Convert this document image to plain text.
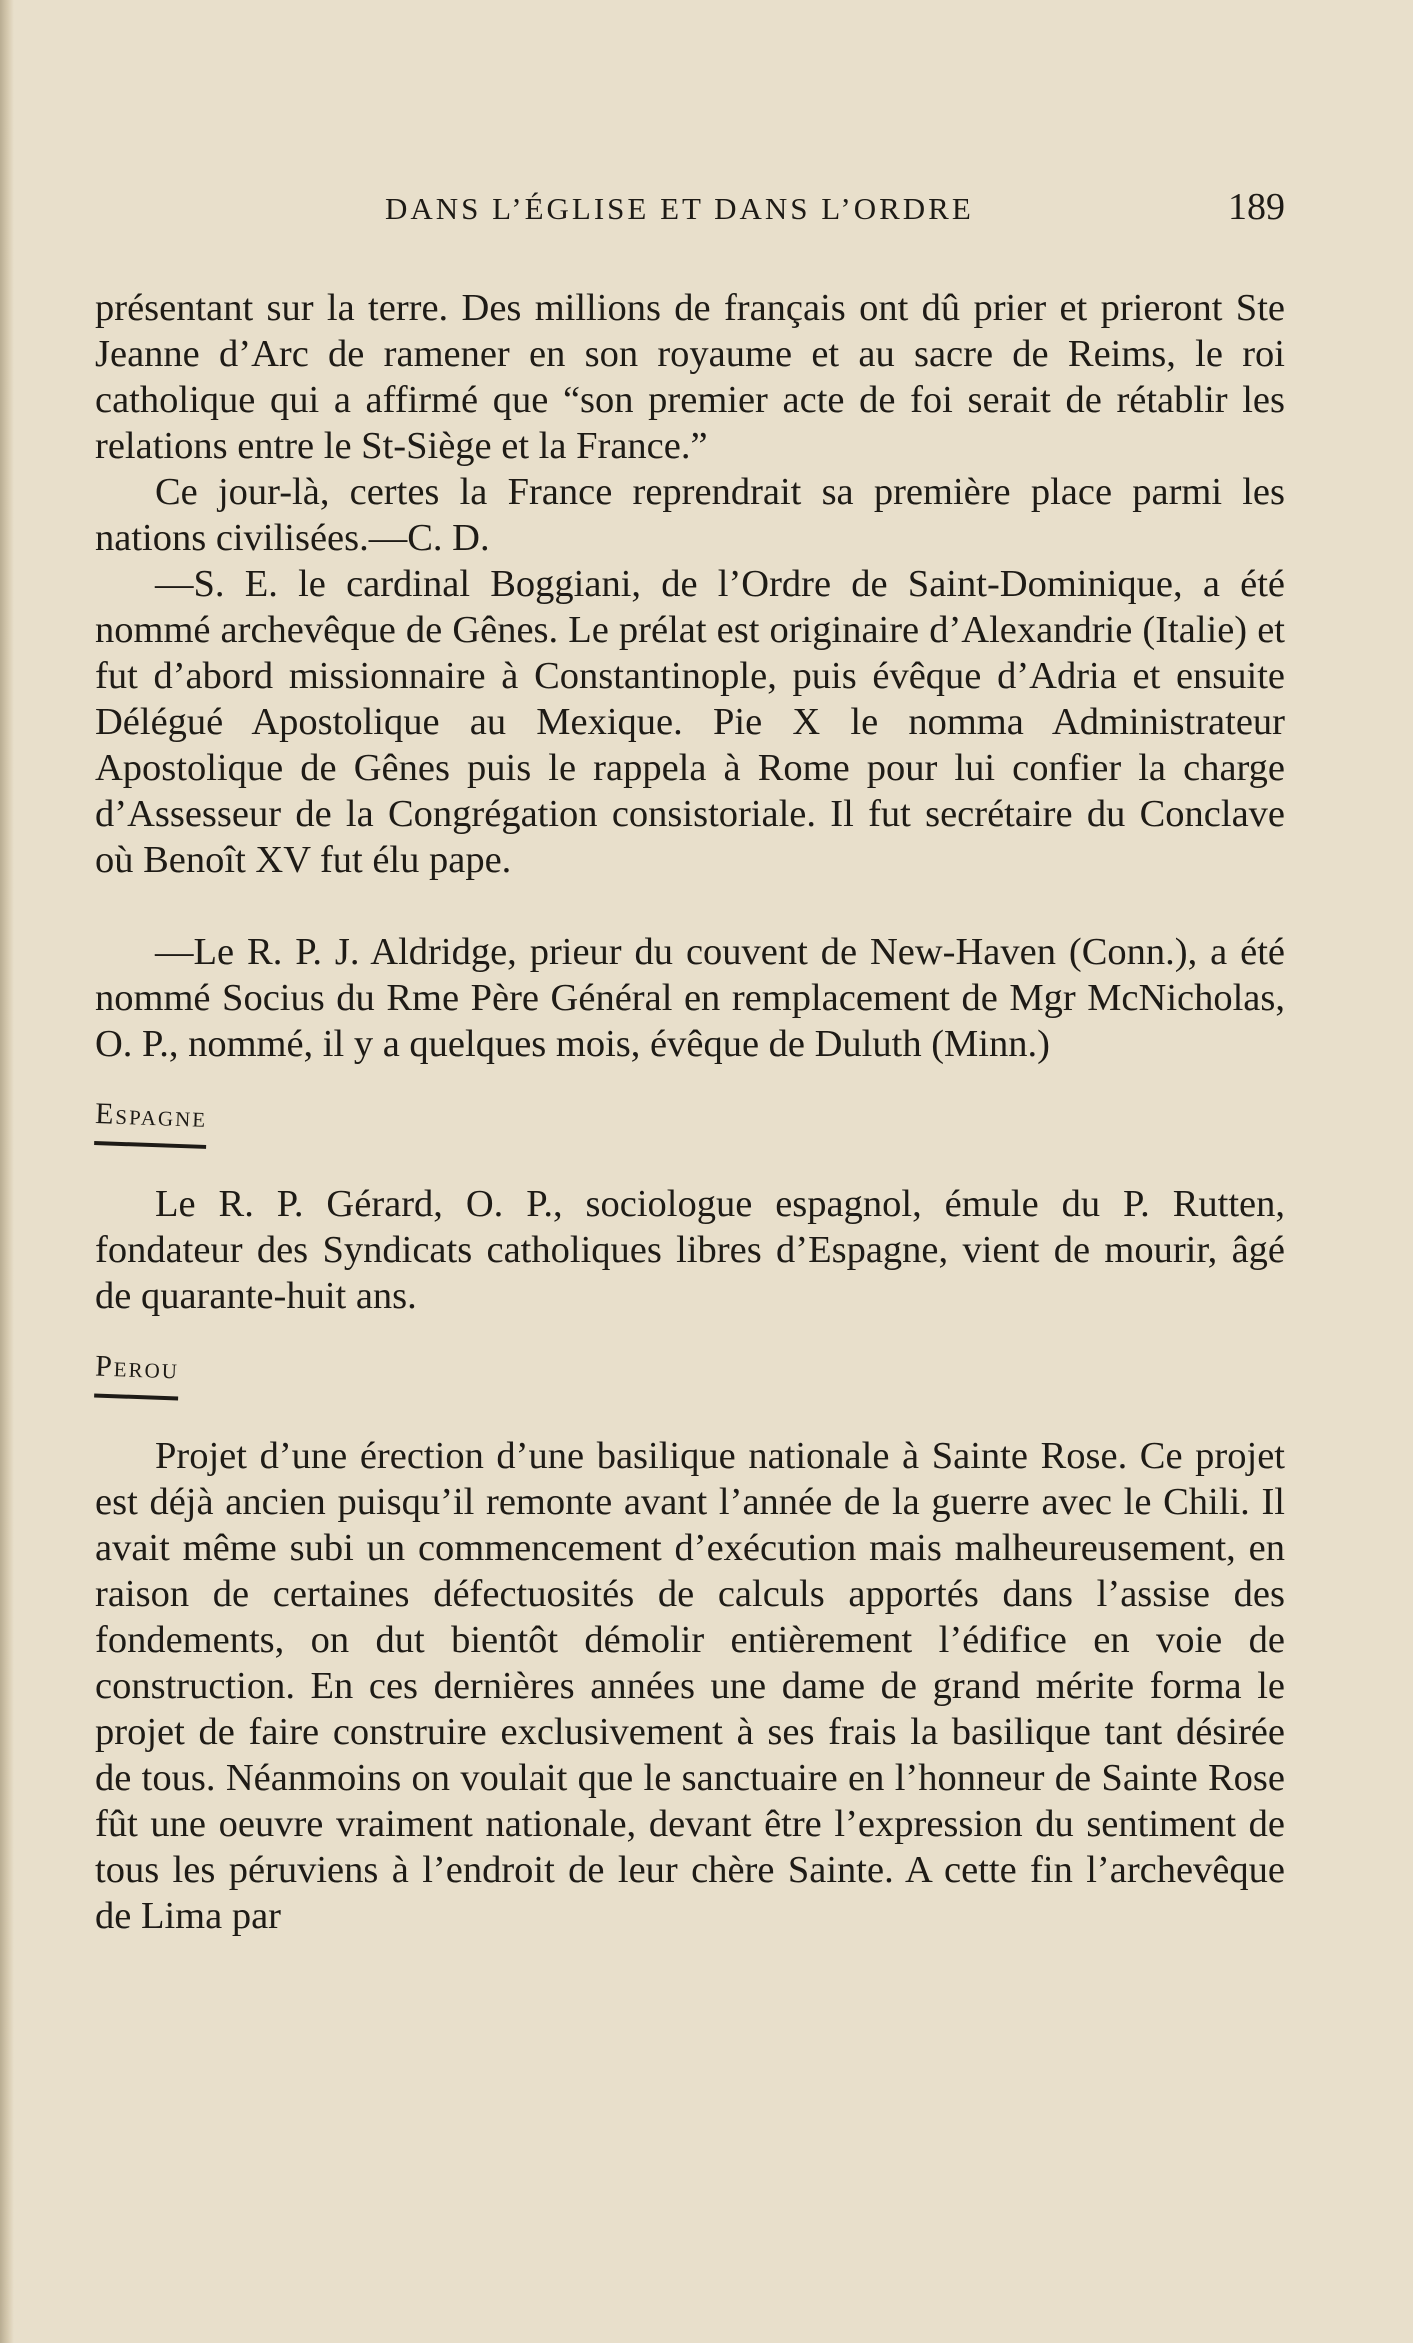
DANS L’ÉGLISE ET DANS L’ORDRE	189

présentant sur la terre. Des millions de français ont dû prier et prieront Ste Jeanne d’Arc de ramener en son royaume et au sacre de Reims, le roi catholique qui a affirmé que “son premier acte de foi serait de rétablir les relations entre le St-Siège et la France.”

Ce jour-là, certes la France reprendrait sa première place parmi les nations civilisées.—C. D.

—S. E. le cardinal Boggiani, de l’Ordre de Saint-Dominique, a été nommé archevêque de Gênes. Le prélat est originaire d’Alexandrie (Italie) et fut d’abord missionnaire à Constantinople, puis évêque d’Adria et ensuite Délégué Apostolique au Mexique. Pie X le nomma Administrateur Apostolique de Gênes puis le rappela à Rome pour lui confier la charge d’Assesseur de la Congrégation consistoriale. Il fut secrétaire du Conclave où Benoît XV fut élu pape.

—Le R. P. J. Aldridge, prieur du couvent de New-Haven (Conn.), a été nommé Socius du Rme Père Général en remplacement de Mgr McNicholas, O. P., nommé, il y a quelques mois, évêque de Duluth (Minn.)

Espagne

Le R. P. Gérard, O. P., sociologue espagnol, émule du P. Rutten, fondateur des Syndicats catholiques libres d’Espagne, vient de mourir, âgé de quarante-huit ans.

Perou

Projet d’une érection d’une basilique nationale à Sainte Rose. Ce projet est déjà ancien puisqu’il remonte avant l’année de la guerre avec le Chili. Il avait même subi un commencement d’exécution mais malheureusement, en raison de certaines défectuosités de calculs apportés dans l’assise des fondements, on dut bientôt démolir entièrement l’édifice en voie de construction. En ces dernières années une dame de grand mérite forma le projet de faire construire exclusivement à ses frais la basilique tant désirée de tous. Néanmoins on voulait que le sanctuaire en l’honneur de Sainte Rose fût une oeuvre vraiment nationale, devant être l’expression du sentiment de tous les péruviens à l’endroit de leur chère Sainte. A cette fin l’archevêque de Lima par
